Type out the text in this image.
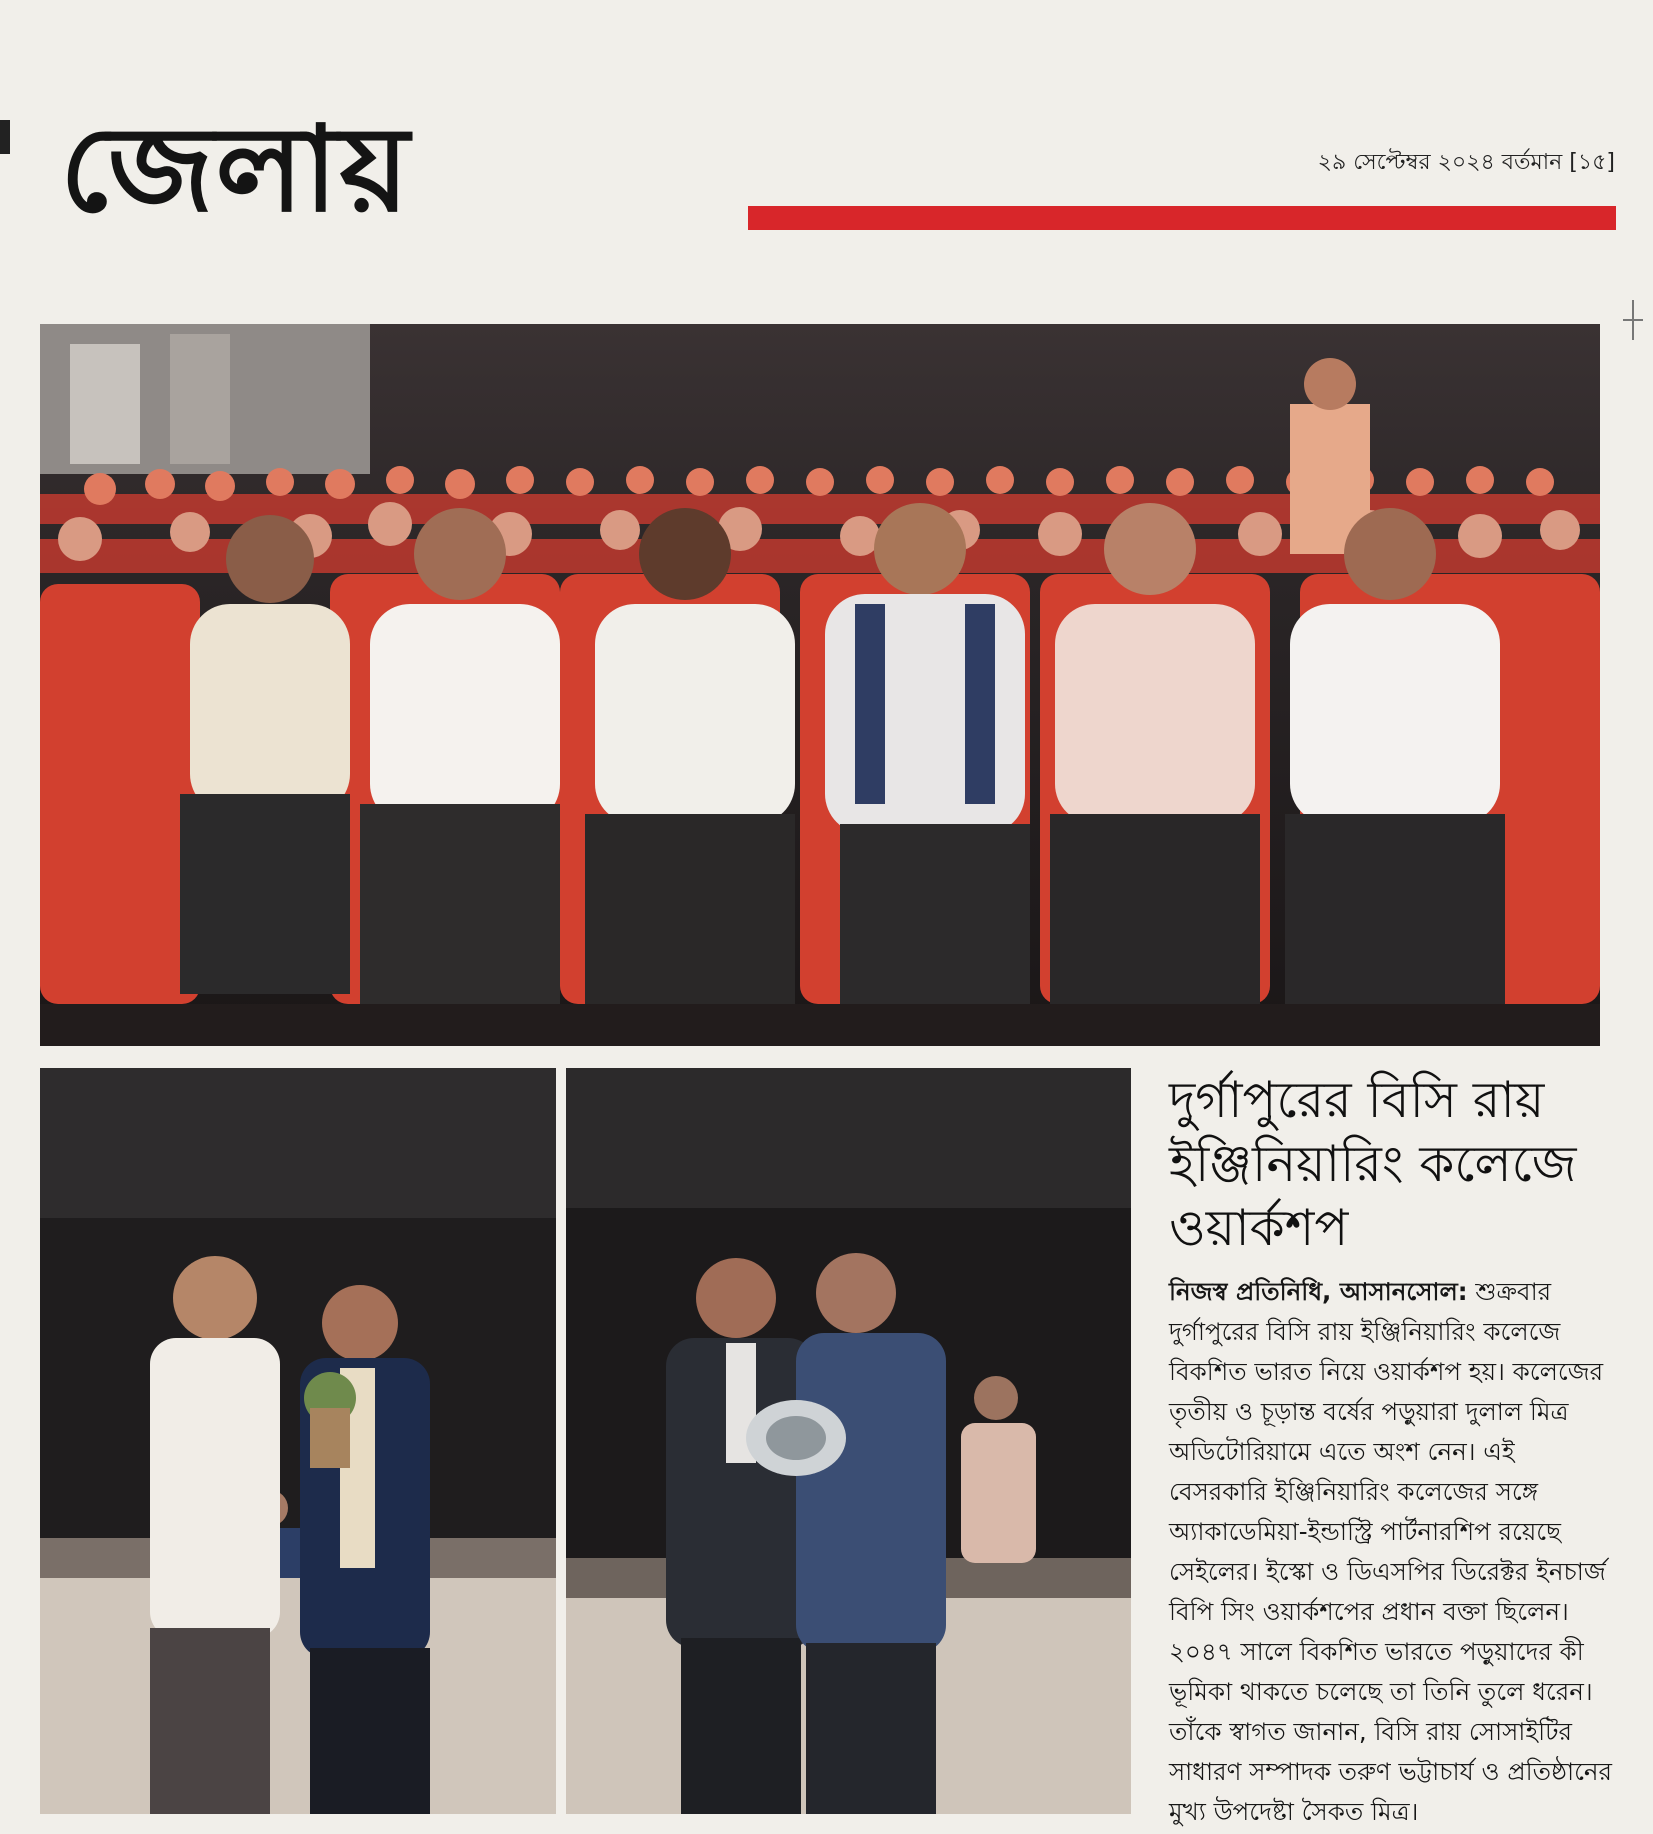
জেলায়	২৯ সেপ্টেম্বর ২০২৪ বর্তমান [১৫]
দুর্গাপুরের বিসি রায় ইঞ্জিনিয়ারিং কলেজে ওয়ার্কশপ

নিজস্ব প্রতিনিধি, আসানসোল: শুক্রবার দুর্গাপুরের বিসি রায় ইঞ্জিনিয়ারিং কলেজে বিকশিত ভারত নিয়ে ওয়ার্কশপ হয়। কলেজের তৃতীয় ও চূড়ান্ত বর্ষের পড়ুয়ারা দুলাল মিত্র অডিটোরিয়ামে এতে অংশ নেন। এই বেসরকারি ইঞ্জিনিয়ারিং কলেজের সঙ্গে অ্যাকাডেমিয়া-ইন্ডাস্ট্রি পার্টনারশিপ রয়েছে সেইলের। ইস্কো ও ডিএসপির ডিরেক্টর ইনচার্জ বিপি সিং ওয়ার্কশপের প্রধান বক্তা ছিলেন। ২০৪৭ সালে বিকশিত ভারতে পড়ুয়াদের কী ভূমিকা থাকতে চলেছে তা তিনি তুলে ধরেন। তাঁকে স্বাগত জানান, বিসি রায় সোসাইটির সাধারণ সম্পাদক তরুণ ভট্টাচার্য ও প্রতিষ্ঠানের মুখ্য উপদেষ্টা সৈকত মিত্র।
